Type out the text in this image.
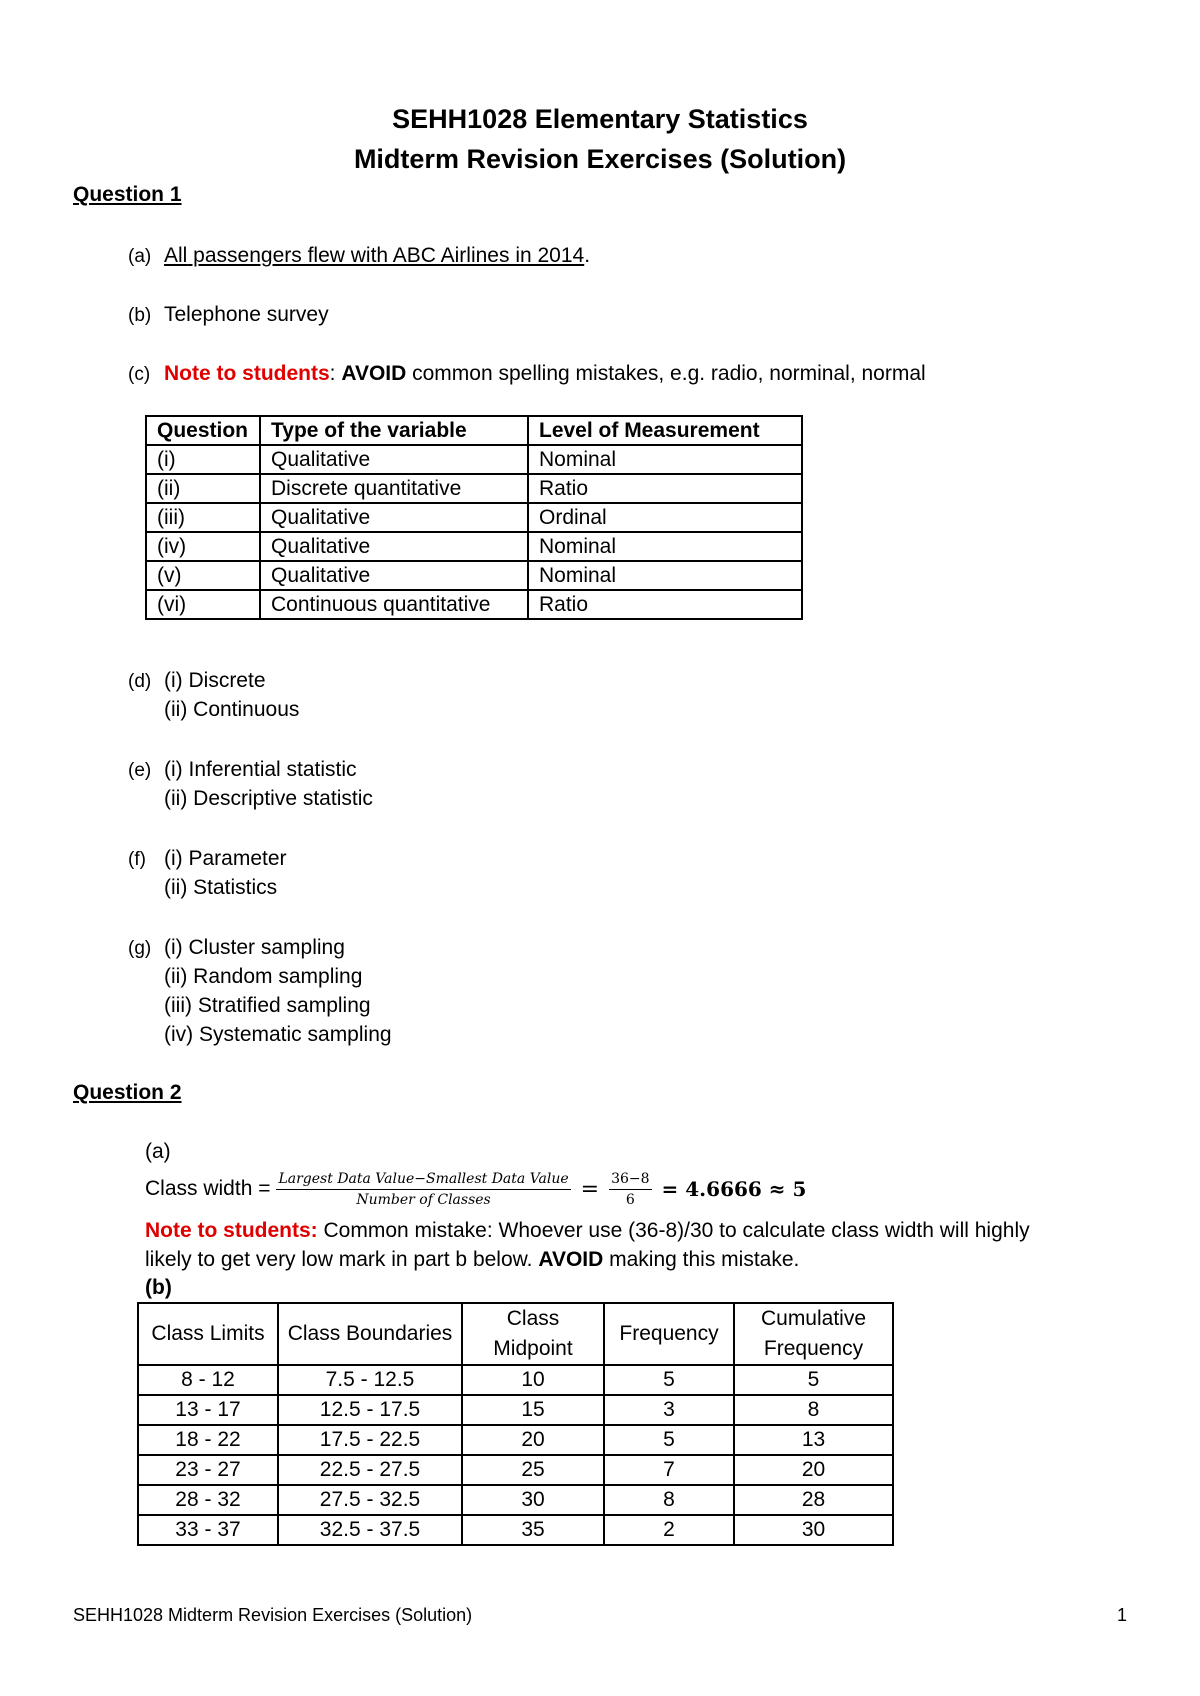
SEHH1028 Elementary Statistics
Midterm Revision Exercises (Solution)
Question 1
(a) All passengers flew with ABC Airlines in 2014.
(b) Telephone survey
(c) Note to students: AVOID common spelling mistakes, e.g. radio, norminal, normal
Question	Type of the variable	Level of Measurement
(i)	Qualitative	Nominal
(ii)	Discrete quantitative	Ratio
(iii)	Qualitative	Ordinal
(iv)	Qualitative	Nominal
(v)	Qualitative	Nominal
(vi)	Continuous quantitative	Ratio
(d) (i) Discrete
(ii) Continuous
(e) (i) Inferential statistic
(ii) Descriptive statistic
(f) (i) Parameter
(ii) Statistics
(g) (i) Cluster sampling
(ii) Random sampling
(iii) Stratified sampling
(iv) Systematic sampling
Question 2
(a)
Class width = $\frac{\text{Largest Data Value−Smallest Data Value}}{\text{Number of Classes}} = \frac{36-8}{6} = 4.6666 \approx 5$
Note to students: Common mistake: Whoever use (36-8)/30 to calculate class width will highly
likely to get very low mark in part b below. AVOID making this mistake.
(b)
Class Limits	Class Boundaries	Class Midpoint	Frequency	Cumulative Frequency
8 - 12	7.5 - 12.5	10	5	5
13 - 17	12.5 - 17.5	15	3	8
18 - 22	17.5 - 22.5	20	5	13
23 - 27	22.5 - 27.5	25	7	20
28 - 32	27.5 - 32.5	30	8	28
33 - 37	32.5 - 37.5	35	2	30
SEHH1028 Midterm Revision Exercises (Solution)	1
